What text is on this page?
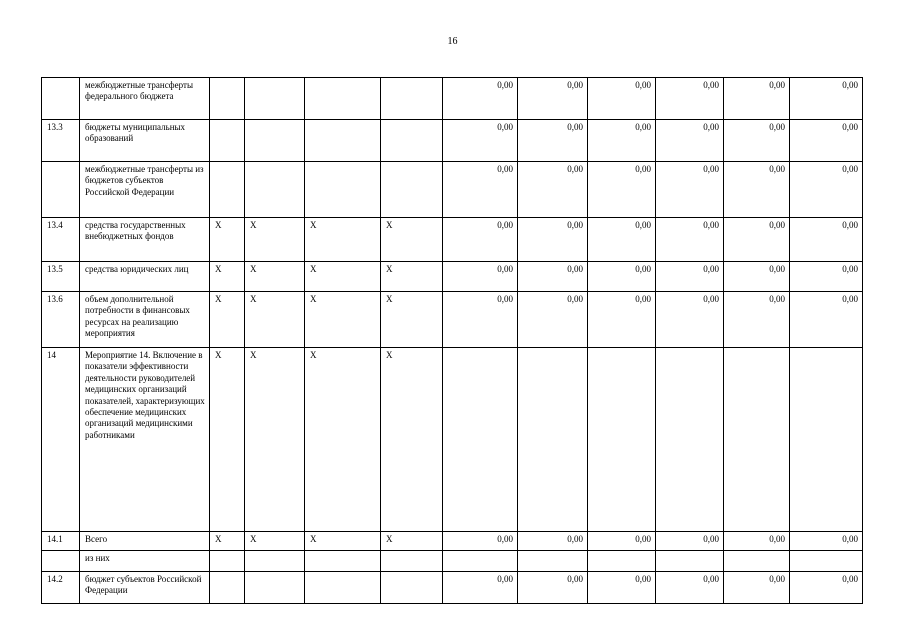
16
	межбюджетные трансферты федерального бюджета					0,00	0,00	0,00	0,00	0,00	0,00
13.3	бюджеты муниципальных образований					0,00	0,00	0,00	0,00	0,00	0,00
	межбюджетные трансферты из бюджетов субъектов Российской Федерации					0,00	0,00	0,00	0,00	0,00	0,00
13.4	средства государственных внебюджетных фондов	X	X	X	X	0,00	0,00	0,00	0,00	0,00	0,00
13.5	средства юридических лиц	X	X	X	X	0,00	0,00	0,00	0,00	0,00	0,00
13.6	объем дополнительной потребности в финансовых ресурсах на реализацию мероприятия	X	X	X	X	0,00	0,00	0,00	0,00	0,00	0,00
14	Мероприятие 14. Включение в показатели эффективности деятельности руководителей медицинских организаций показателей, характеризующих обеспечение медицинских организаций медицинскими работниками	X	X	X	X						
14.1	Всего	X	X	X	X	0,00	0,00	0,00	0,00	0,00	0,00
	из них										
14.2	бюджет субъектов Российской Федерации					0,00	0,00	0,00	0,00	0,00	0,00
